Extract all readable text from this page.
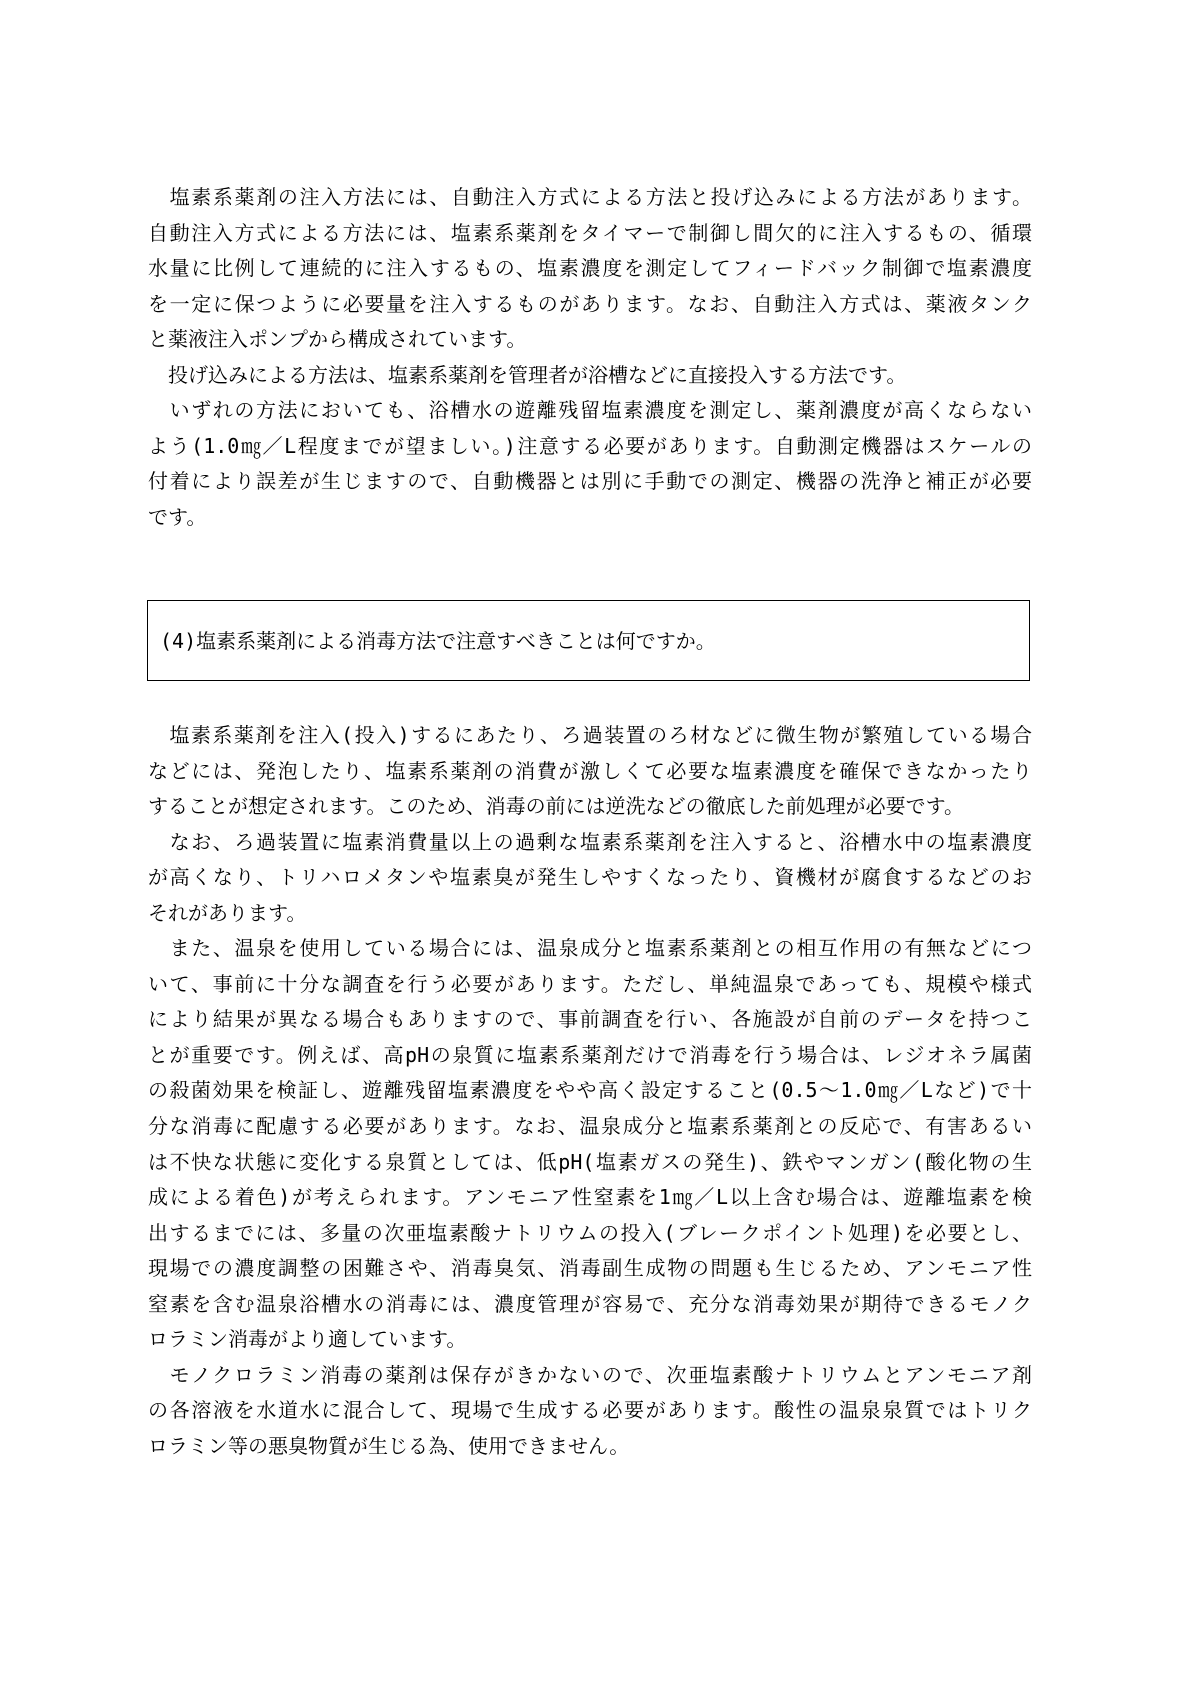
　塩素系薬剤の注入方法には、自動注入方式による方法と投げ込みによる方法があります。
自動注入方式による方法には、塩素系薬剤をタイマーで制御し間欠的に注入するもの、循環
水量に比例して連続的に注入するもの、塩素濃度を測定してフィードバック制御で塩素濃度
を一定に保つように必要量を注入するものがあります。なお、自動注入方式は、薬液タンク
と薬液注入ポンプから構成されています。
　投げ込みによる方法は、塩素系薬剤を管理者が浴槽などに直接投入する方法です。
　いずれの方法においても、浴槽水の遊離残留塩素濃度を測定し、薬剤濃度が高くならない
よう(1.0㎎／L程度までが望ましい。)注意する必要があります。自動測定機器はスケールの
付着により誤差が生じますので、自動機器とは別に手動での測定、機器の洗浄と補正が必要
です。
(4)塩素系薬剤による消毒方法で注意すべきことは何ですか。
　塩素系薬剤を注入(投入)するにあたり、ろ過装置のろ材などに微生物が繁殖している場合
などには、発泡したり、塩素系薬剤の消費が激しくて必要な塩素濃度を確保できなかったり
することが想定されます。このため、消毒の前には逆洗などの徹底した前処理が必要です。
　なお、ろ過装置に塩素消費量以上の過剰な塩素系薬剤を注入すると、浴槽水中の塩素濃度
が高くなり、トリハロメタンや塩素臭が発生しやすくなったり、資機材が腐食するなどのお
それがあります。
　また、温泉を使用している場合には、温泉成分と塩素系薬剤との相互作用の有無などにつ
いて、事前に十分な調査を行う必要があります。ただし、単純温泉であっても、規模や様式
により結果が異なる場合もありますので、事前調査を行い、各施設が自前のデータを持つこ
とが重要です。例えば、高pHの泉質に塩素系薬剤だけで消毒を行う場合は、レジオネラ属菌
の殺菌効果を検証し、遊離残留塩素濃度をやや高く設定すること(0.5～1.0㎎／Lなど)で十
分な消毒に配慮する必要があります。なお、温泉成分と塩素系薬剤との反応で、有害あるい
は不快な状態に変化する泉質としては、低pH(塩素ガスの発生)、鉄やマンガン(酸化物の生
成による着色)が考えられます。アンモニア性窒素を1㎎／L以上含む場合は、遊離塩素を検
出するまでには、多量の次亜塩素酸ナトリウムの投入(ブレークポイント処理)を必要とし、
現場での濃度調整の困難さや、消毒臭気、消毒副生成物の問題も生じるため、アンモニア性
窒素を含む温泉浴槽水の消毒には、濃度管理が容易で、充分な消毒効果が期待できるモノク
ロラミン消毒がより適しています。
　モノクロラミン消毒の薬剤は保存がきかないので、次亜塩素酸ナトリウムとアンモニア剤
の各溶液を水道水に混合して、現場で生成する必要があります。酸性の温泉泉質ではトリク
ロラミン等の悪臭物質が生じる為、使用できません。
